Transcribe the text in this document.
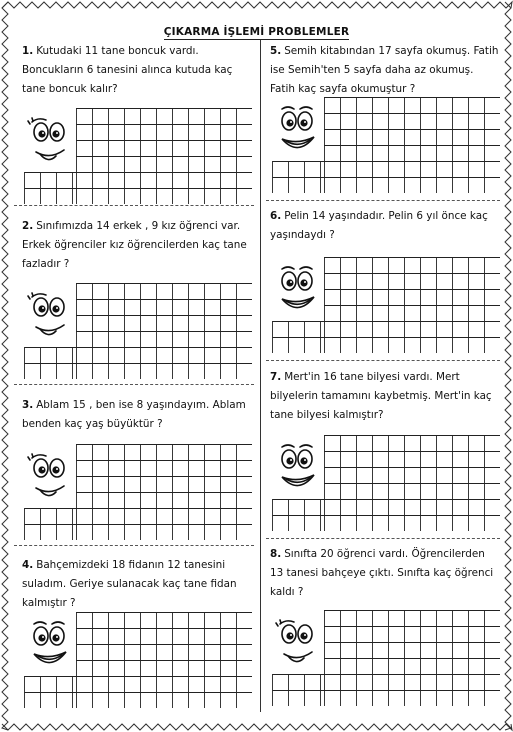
ÇIKARMA İŞLEMİ PROBLEMLER
1. Kutudaki 11 tane boncuk vardı. Boncukların 6 tanesini alınca kutuda kaç tane boncuk kalır?
2. Sınıfımızda 14 erkek , 9 kız öğrenci var. Erkek öğrenciler kız öğrencilerden kaç tane fazladır ?
3. Ablam 15 , ben ise 8 yaşındayım. Ablam benden kaç yaş büyüktür ?
4. Bahçemizdeki 18 fidanın 12 tanesini suladım. Geriye sulanacak kaç tane fidan kalmıştır ?
5. Semih kitabından 17 sayfa okumuş. Fatih ise Semih'ten 5 sayfa daha az okumuş. Fatih kaç sayfa okumuştur ?
6. Pelin 14 yaşındadır. Pelin 6 yıl önce kaç yaşındaydı ?
7. Mert'in 16 tane bilyesi vardı. Mert bilyelerin tamamını kaybetmiş. Mert'in kaç tane bilyesi kalmıştır?
8. Sınıfta 20 öğrenci vardı. Öğrencilerden 13 tanesi bahçeye çıktı. Sınıfta kaç öğrenci kaldı ?
